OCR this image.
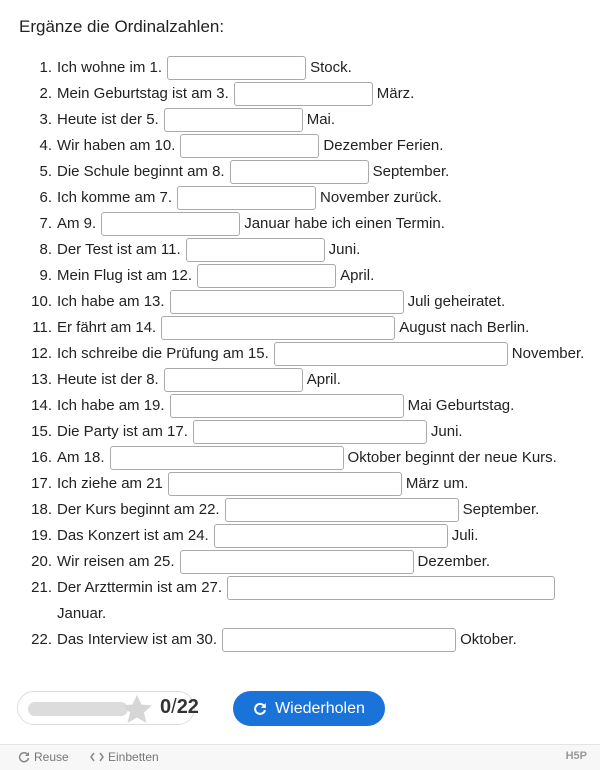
Ergänze die Ordinalzahlen:
1. Ich wohne im 1.	Stock.
2. Mein Geburtstag ist am 3.	März.
3. Heute ist der 5.	Mai.
4. Wir haben am 10.	Dezember Ferien.
5. Die Schule beginnt am 8.	September.
6. Ich komme am 7.	November zurück.
7. Am 9.	Januar habe ich einen Termin.
8. Der Test ist am 11.	Juni.
9. Mein Flug ist am 12.	April.
10. Ich habe am 13.	Juli geheiratet.
11. Er fährt am 14.	August nach Berlin.
12. Ich schreibe die Prüfung am 15.	November.
13. Heute ist der 8.	April.
14. Ich habe am 19.	Mai Geburtstag.
15. Die Party ist am 17.	Juni.
16. Am 18.	Oktober beginnt der neue Kurs.
17. Ich ziehe am 21	März um.
18. Der Kurs beginnt am 22.	September.
19. Das Konzert ist am 24.	Juli.
20. Wir reisen am 25.	Dezember.
21. Der Arzttermin ist am 27.
Januar.
22. Das Interview ist am 30.	Oktober.
0/22	Wiederholen
Reuse	Einbetten	H5P
